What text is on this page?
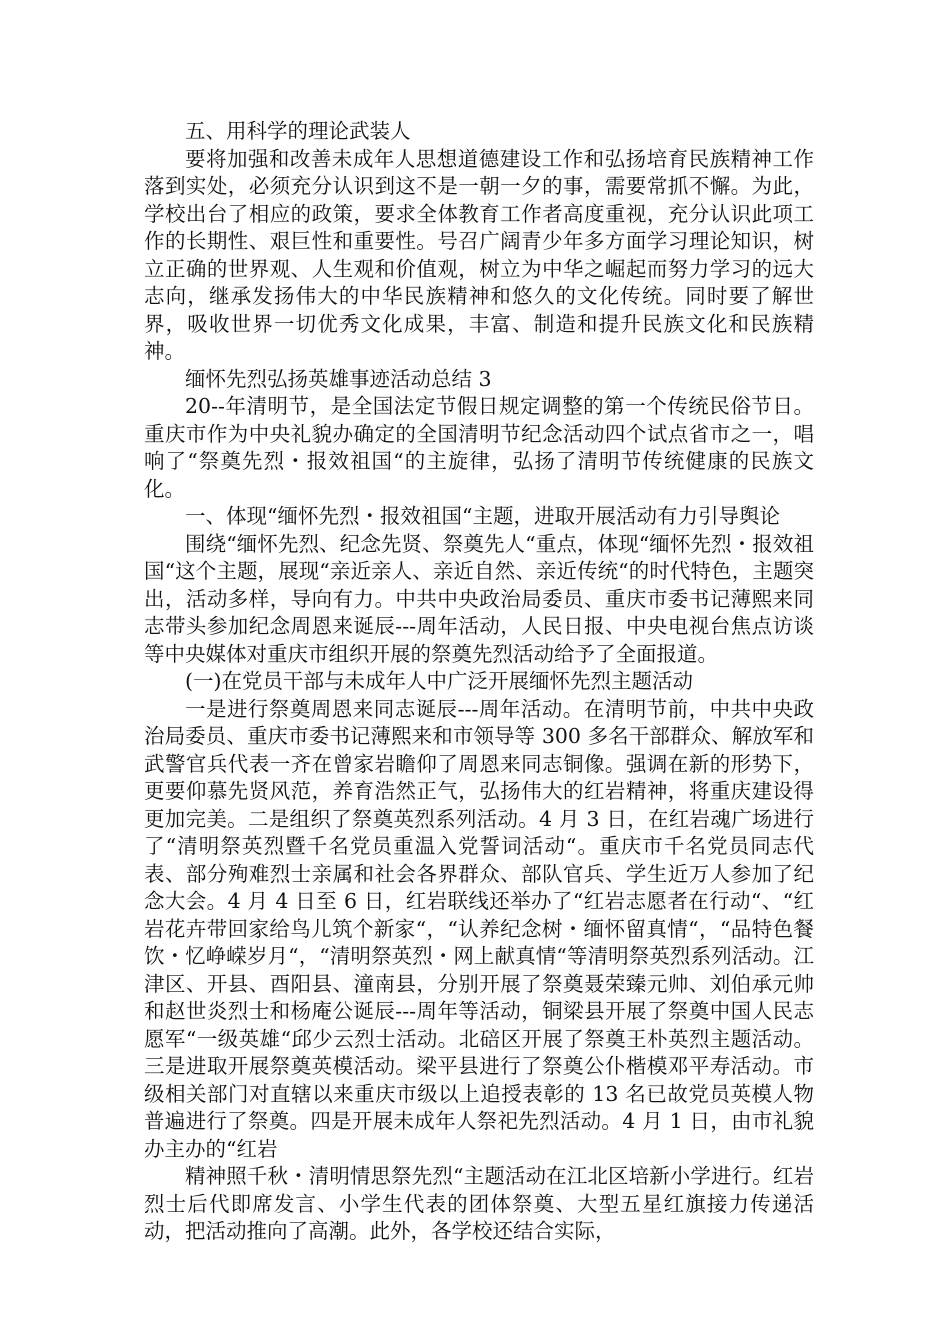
五、用科学的理论武装人

要将加强和改善未成年人思想道德建设工作和弘扬培育民族精神工作落到实处，必须充分认识到这不是一朝一夕的事，需要常抓不懈。为此，学校出台了相应的政策，要求全体教育工作者高度重视，充分认识此项工作的长期性、艰巨性和重要性。号召广阔青少年多方面学习理论知识，树立正确的世界观、人生观和价值观，树立为中华之崛起而努力学习的远大志向，继承发扬伟大的中华民族精神和悠久的文化传统。同时要了解世界，吸收世界一切优秀文化成果，丰富、制造和提升民族文化和民族精神。

缅怀先烈弘扬英雄事迹活动总结 3

20--年清明节，是全国法定节假日规定调整的第一个传统民俗节日。重庆市作为中央礼貌办确定的全国清明节纪念活动四个试点省市之一，唱响了“祭奠先烈・报效祖国“的主旋律，弘扬了清明节传统健康的民族文化。

一、体现“缅怀先烈・报效祖国“主题，进取开展活动有力引导舆论

围绕“缅怀先烈、纪念先贤、祭奠先人“重点，体现“缅怀先烈・报效祖国“这个主题，展现“亲近亲人、亲近自然、亲近传统“的时代特色，主题突出，活动多样，导向有力。中共中央政治局委员、重庆市委书记薄熙来同志带头参加纪念周恩来诞辰---周年活动，人民日报、中央电视台焦点访谈等中央媒体对重庆市组织开展的祭奠先烈活动给予了全面报道。

(一)在党员干部与未成年人中广泛开展缅怀先烈主题活动

一是进行祭奠周恩来同志诞辰---周年活动。在清明节前，中共中央政治局委员、重庆市委书记薄熙来和市领导等 300 多名干部群众、解放军和武警官兵代表一齐在曾家岩瞻仰了周恩来同志铜像。强调在新的形势下，更要仰慕先贤风范，养育浩然正气，弘扬伟大的红岩精神，将重庆建设得更加完美。二是组织了祭奠英烈系列活动。4 月 3 日，在红岩魂广场进行了“清明祭英烈暨千名党员重温入党誓词活动“。重庆市千名党员同志代表、部分殉难烈士亲属和社会各界群众、部队官兵、学生近万人参加了纪念大会。4 月 4 日至 6 日，红岩联线还举办了“红岩志愿者在行动“、“红岩花卉带回家给鸟儿筑个新家“，“认养纪念树・缅怀留真情“，“品特色餐饮・忆峥嵘岁月“，“清明祭英烈・网上献真情“等清明祭英烈系列活动。江津区、开县、酉阳县、潼南县，分别开展了祭奠聂荣臻元帅、刘伯承元帅和赵世炎烈士和杨庵公诞辰---周年等活动，铜梁县开展了祭奠中国人民志愿军“一级英雄“邱少云烈士活动。北碚区开展了祭奠王朴英烈主题活动。三是进取开展祭奠英模活动。梁平县进行了祭奠公仆楷模邓平寿活动。市级相关部门对直辖以来重庆市级以上追授表彰的 13 名已故党员英模人物普遍进行了祭奠。四是开展未成年人祭祀先烈活动。4 月 1 日，由市礼貌办主办的“红岩

精神照千秋・清明情思祭先烈“主题活动在江北区培新小学进行。红岩烈士后代即席发言、小学生代表的团体祭奠、大型五星红旗接力传递活动，把活动推向了高潮。此外，各学校还结合实际，
